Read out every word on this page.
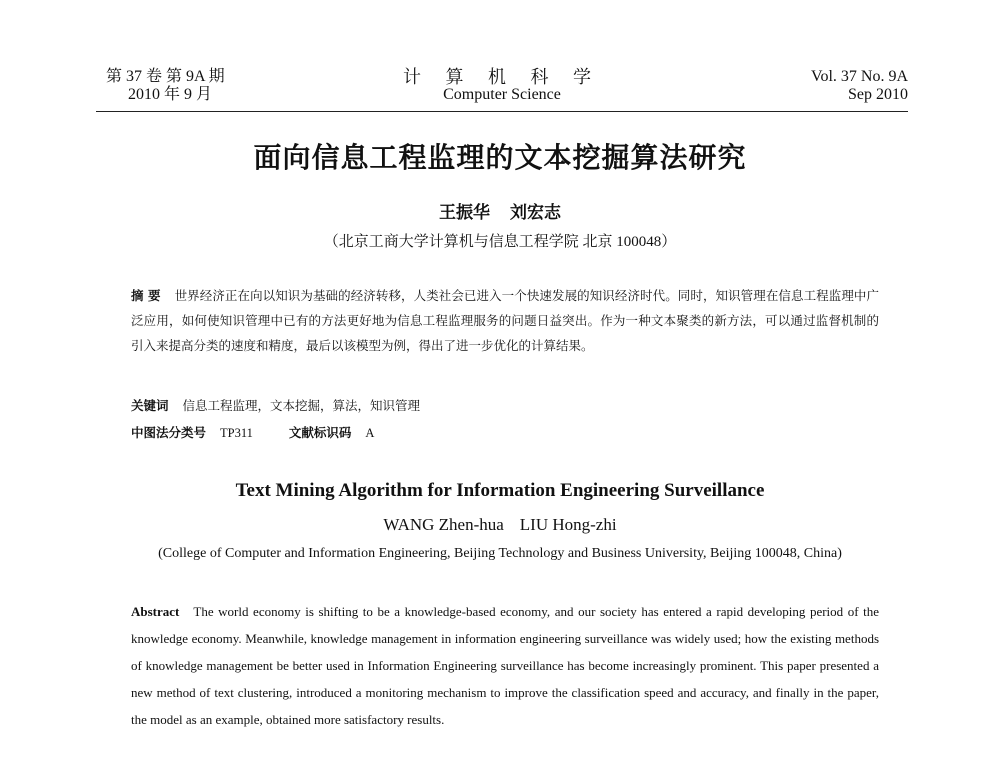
第 37 卷 第 9A 期
2010 年 9 月
计 算 机 科 学
Computer Science
Vol. 37 No. 9A
Sep 2010
面向信息工程监理的文本挖掘算法研究
王振华 刘宏志
（北京工商大学计算机与信息工程学院 北京 100048）
摘 要 世界经济正在向以知识为基础的经济转移，人类社会已进入一个快速发展的知识经济时代。同时，知识管理在信息工程监理中广泛应用，如何使知识管理中已有的方法更好地为信息工程监理服务的问题日益突出。作为一种文本聚类的新方法，可以通过监督机制的引入来提高分类的速度和精度，最后以该模型为例，得出了进一步优化的计算结果。
关键词 信息工程监理，文本挖掘，算法，知识管理
中图法分类号 TP311	文献标识码 A
Text Mining Algorithm for Information Engineering Surveillance
WANG Zhen-hua LIU Hong-zhi
(College of Computer and Information Engineering, Beijing Technology and Business University, Beijing 100048, China)
Abstract The world economy is shifting to be a knowledge-based economy, and our society has entered a rapid developing period of the knowledge economy. Meanwhile, knowledge management in information engineering surveillance was widely used; how the existing methods of knowledge management be better used in Information Engineering surveillance has become increasingly prominent. This paper presented a new method of text clustering, introduced a monitoring mechanism to improve the classification speed and accuracy, and finally in the paper, the model as an example, obtained more satisfactory results.
